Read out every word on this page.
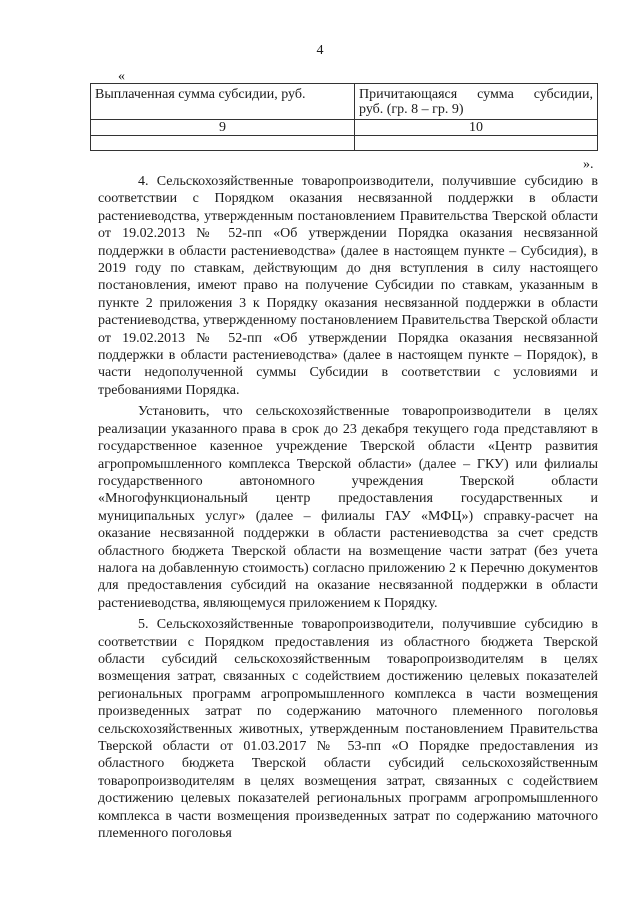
4
«
Выплаченная сумма субсидии, руб.	Причитающаяся сумма субсидии,
руб. (гр. 8 – гр. 9)
9	10

».

4. Сельскохозяйственные товаропроизводители, получившие субсидию в соответствии с Порядком оказания несвязанной поддержки в области растениеводства, утвержденным постановлением Правительства Тверской области от 19.02.2013 № 52-пп «Об утверждении Порядка оказания несвязанной поддержки в области растениеводства» (далее в настоящем пункте – Субсидия), в 2019 году по ставкам, действующим до дня вступления в силу настоящего постановления, имеют право на получение Субсидии по ставкам, указанным в пункте 2 приложения 3 к Порядку оказания несвязанной поддержки в области растениеводства, утвержденному постановлением Правительства Тверской области от 19.02.2013 № 52-пп «Об утверждении Порядка оказания несвязанной поддержки в области растениеводства» (далее в настоящем пункте – Порядок), в части недополученной суммы Субсидии в соответствии с условиями и требованиями Порядка.

Установить, что сельскохозяйственные товаропроизводители в целях реализации указанного права в срок до 23 декабря текущего года представляют в государственное казенное учреждение Тверской области «Центр развития агропромышленного комплекса Тверской области» (далее – ГКУ) или филиалы государственного автономного учреждения Тверской области «Многофункциональный центр предоставления государственных и муниципальных услуг» (далее – филиалы ГАУ «МФЦ») справку-расчет на оказание несвязанной поддержки в области растениеводства за счет средств областного бюджета Тверской области на возмещение части затрат (без учета налога на добавленную стоимость) согласно приложению 2 к Перечню документов для предоставления субсидий на оказание несвязанной поддержки в области растениеводства, являющемуся приложением к Порядку.

5. Сельскохозяйственные товаропроизводители, получившие субсидию в соответствии с Порядком предоставления из областного бюджета Тверской области субсидий сельскохозяйственным товаропроизводителям в целях возмещения затрат, связанных с содействием достижению целевых показателей региональных программ агропромышленного комплекса в части возмещения произведенных затрат по содержанию маточного племенного поголовья сельскохозяйственных животных, утвержденным постановлением Правительства Тверской области от 01.03.2017 № 53-пп «О Порядке предоставления из областного бюджета Тверской области субсидий сельскохозяйственным товаропроизводителям в целях возмещения затрат, связанных с содействием достижению целевых показателей региональных программ агропромышленного комплекса в части возмещения произведенных затрат по содержанию маточного племенного поголовья
